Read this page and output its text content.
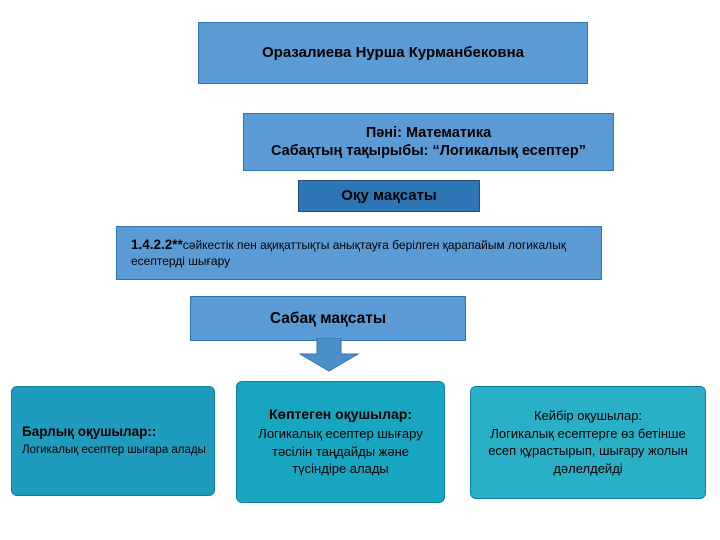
Оразалиева Нурша Курманбековна
Пәні: Математика
Сабақтың тақырыбы: “Логикалық есептер”
Оқу мақсаты
1.4.2.2**сәйкестік пен ақиқаттықты анықтауға берілген қарапайым логикалық есептерді шығару
Сабақ мақсаты
Барлық оқушылар::
Логикалық есептер шығара алады
Көптеген оқушылар:
Логикалық есептер шығару тәсілін таңдайды және түсіндіре алады
Кейбір оқушылар:
Логикалық есептерге өз бетінше есеп құрастырып, шығару жолын дәлелдейді
